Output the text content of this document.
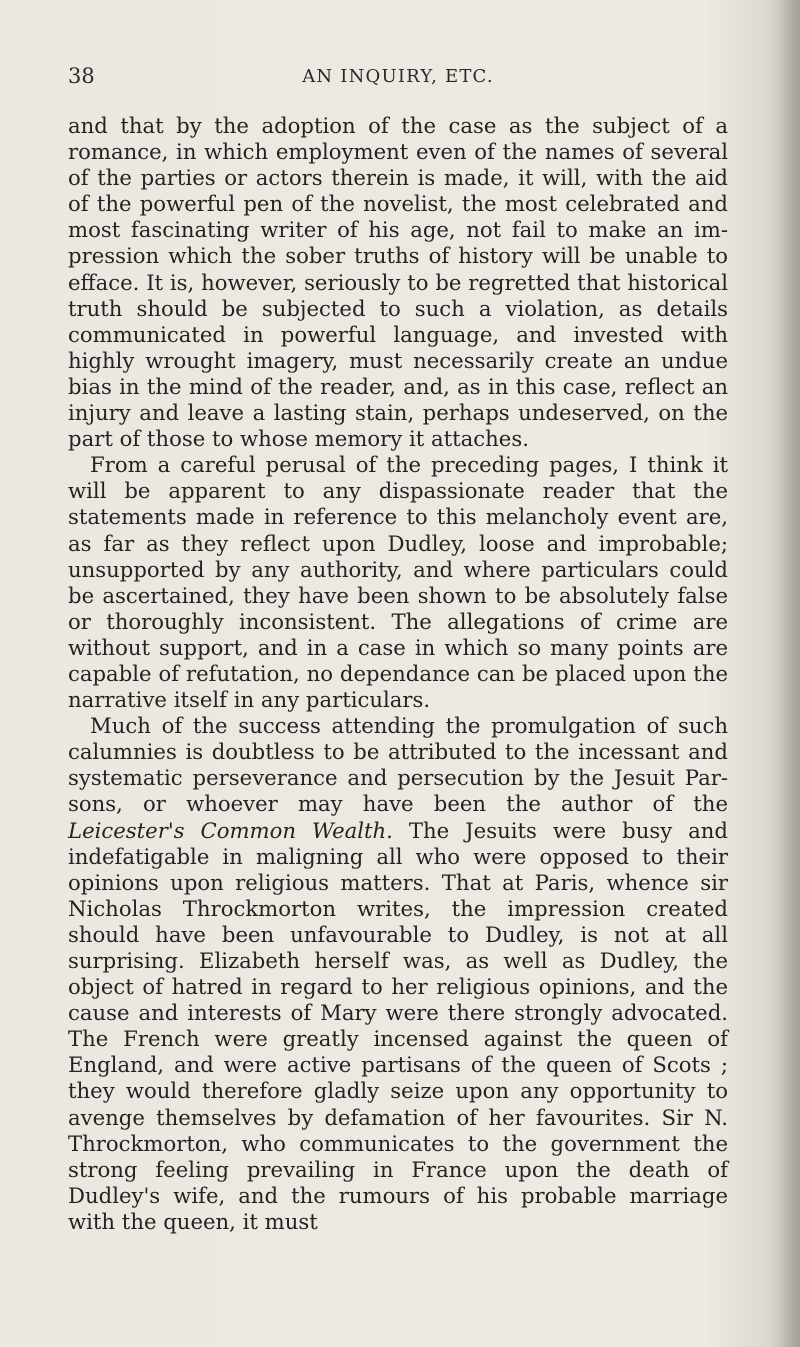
38	AN INQUIRY, ETC.

and that by the adoption of the case as the subject of a romance, in which employment even of the names of several of the parties or actors therein is made, it will, with the aid of the powerful pen of the novelist, the most celebrated and most fascinating writer of his age, not fail to make an impression which the sober truths of history will be unable to efface. It is, however, seriously to be regretted that historical truth should be subjected to such a violation, as details communicated in powerful language, and invested with highly wrought imagery, must necessarily create an undue bias in the mind of the reader, and, as in this case, reflect an injury and leave a lasting stain, perhaps undeserved, on the part of those to whose memory it attaches.

From a careful perusal of the preceding pages, I think it will be apparent to any dispassionate reader that the statements made in reference to this melancholy event are, as far as they reflect upon Dudley, loose and improbable; unsupported by any authority, and where particulars could be ascertained, they have been shown to be absolutely false or thoroughly inconsistent. The allegations of crime are without support, and in a case in which so many points are capable of refutation, no dependance can be placed upon the narrative itself in any particulars.

Much of the success attending the promulgation of such calumnies is doubtless to be attributed to the incessant and systematic perseverance and persecution by the Jesuit Parsons, or whoever may have been the author of the Leicester's Common Wealth. The Jesuits were busy and indefatigable in maligning all who were opposed to their opinions upon religious matters. That at Paris, whence sir Nicholas Throckmorton writes, the impression created should have been unfavourable to Dudley, is not at all surprising. Elizabeth herself was, as well as Dudley, the object of hatred in regard to her religious opinions, and the cause and interests of Mary were there strongly advocated. The French were greatly incensed against the queen of England, and were active partisans of the queen of Scots ; they would therefore gladly seize upon any opportunity to avenge themselves by defamation of her favourites. Sir N. Throckmorton, who communicates to the government the strong feeling prevailing in France upon the death of Dudley's wife, and the rumours of his probable marriage with the queen, it must
